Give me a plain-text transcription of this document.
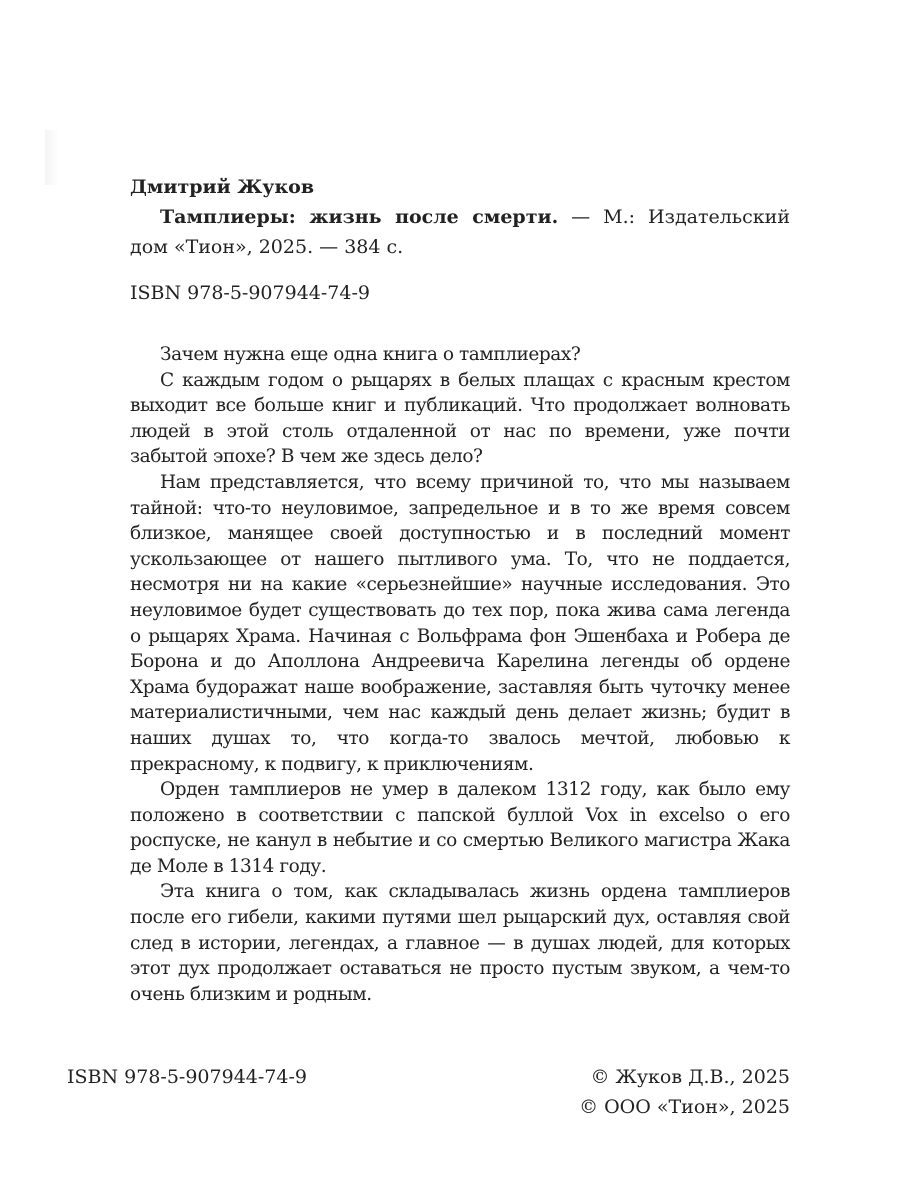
Дмитрий Жуков
Тамплиеры: жизнь после смерти. — М.: Издательский дом «Тион», 2025. — 384 с.
ISBN 978-5-907944-74-9

Зачем нужна еще одна книга о тамплиерах?

С каждым годом о рыцарях в белых плащах с красным крестом выходит все больше книг и публикаций. Что продолжает волновать людей в этой столь отдаленной от нас по времени, уже почти забытой эпохе? В чем же здесь дело?

Нам представляется, что всему причиной то, что мы называем тайной: что-то неуловимое, запредельное и в то же время совсем близкое, манящее своей доступностью и в последний момент ускользающее от нашего пытливого ума. То, что не поддается, несмотря ни на какие «серьезнейшие» научные исследования. Это неуловимое будет существовать до тех пор, пока жива сама легенда о рыцарях Храма. Начиная с Вольфрама фон Эшенбаха и Робера де Борона и до Аполлона Андреевича Карелина легенды об ордене Храма будоражат наше воображение, заставляя быть чуточку менее материалистичными, чем нас каждый день делает жизнь; будит в наших душах то, что когда-то звалось мечтой, любовью к прекрасному, к подвигу, к приключениям.

Орден тамплиеров не умер в далеком 1312 году, как было ему положено в соответствии с папской буллой Vox in excelso о его роспуске, не канул в небытие и со смертью Великого магистра Жака де Моле в 1314 году.

Эта книга о том, как складывалась жизнь ордена тамплиеров после его гибели, какими путями шел рыцарский дух, оставляя свой след в истории, легендах, а главное — в душах людей, для которых этот дух продолжает оставаться не просто пустым звуком, а чем-то очень близким и родным.

ISBN 978-5-907944-74-9	© Жуков Д.В., 2025
© ООО «Тион», 2025
